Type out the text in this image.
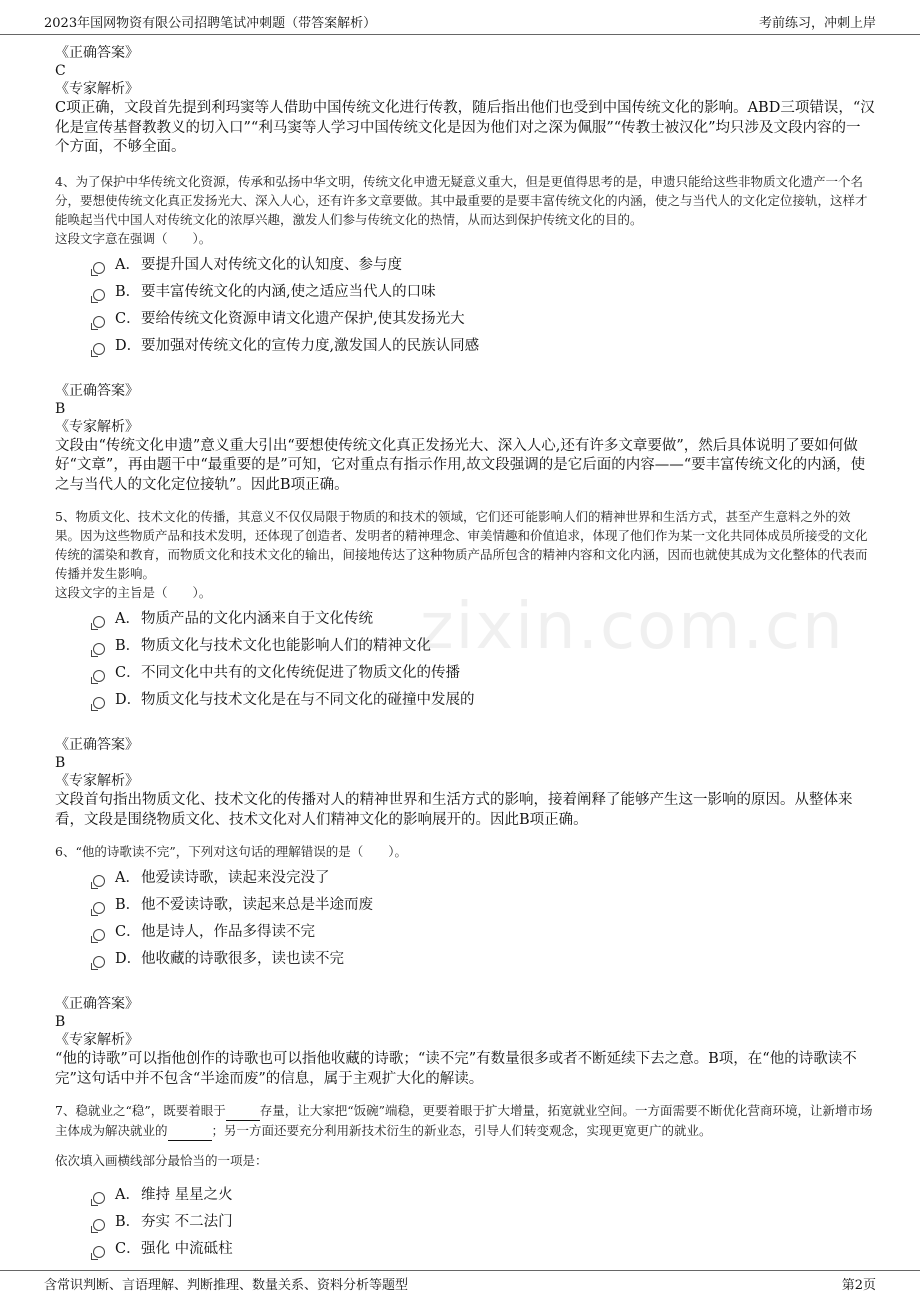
2023年国网物资有限公司招聘笔试冲刺题（带答案解析）	考前练习，冲刺上岸
zixin.com.cn
《正确答案》
C
《专家解析》
C项正确，文段首先提到利玛窦等人借助中国传统文化进行传教，随后指出他们也受到中国传统文化的影响。ABD三项错误，“汉化是宣传基督教教义的切入口”“利马窦等人学习中国传统文化是因为他们对之深为佩服”“传教士被汉化”均只涉及文段内容的一个方面，不够全面。
4、为了保护中华传统文化资源，传承和弘扬中华文明，传统文化申遗无疑意义重大，但是更值得思考的是，申遗只能给这些非物质文化遗产一个名分，要想使传统文化真正发扬光大、深入人心，还有许多文章要做。其中最重要的是要丰富传统文化的内涵，使之与当代人的文化定位接轨，这样才能唤起当代中国人对传统文化的浓厚兴趣，激发人们参与传统文化的热情，从而达到保护传统文化的目的。
这段文字意在强调（　　）。
A．要提升国人对传统文化的认知度、参与度
B．要丰富传统文化的内涵,使之适应当代人的口味
C．要给传统文化资源申请文化遗产保护,使其发扬光大
D．要加强对传统文化的宣传力度,激发国人的民族认同感
《正确答案》
B
《专家解析》
文段由“传统文化申遗”意义重大引出“要想使传统文化真正发扬光大、深入人心,还有许多文章要做”，然后具体说明了要如何做好“文章”，再由题干中“最重要的是”可知，它对重点有指示作用,故文段强调的是它后面的内容——“要丰富传统文化的内涵，使之与当代人的文化定位接轨”。因此B项正确。
5、物质文化、技术文化的传播，其意义不仅仅局限于物质的和技术的领域，它们还可能影响人们的精神世界和生活方式，甚至产生意料之外的效果。因为这些物质产品和技术发明，还体现了创造者、发明者的精神理念、审美情趣和价值追求，体现了他们作为某一文化共同体成员所接受的文化传统的濡染和教育，而物质文化和技术文化的输出，间接地传达了这种物质产品所包含的精神内容和文化内涵，因而也就使其成为文化整体的代表而传播并发生影响。
这段文字的主旨是（　　）。
A．物质产品的文化内涵来自于文化传统
B．物质文化与技术文化也能影响人们的精神文化
C．不同文化中共有的文化传统促进了物质文化的传播
D．物质文化与技术文化是在与不同文化的碰撞中发展的
《正确答案》
B
《专家解析》
文段首句指出物质文化、技术文化的传播对人的精神世界和生活方式的影响，接着阐释了能够产生这一影响的原因。从整体来看，文段是围绕物质文化、技术文化对人们精神文化的影响展开的。因此B项正确。
6、“他的诗歌读不完”，下列对这句话的理解错误的是（　　）。
A．他爱读诗歌，读起来没完没了
B．他不爱读诗歌，读起来总是半途而废
C．他是诗人，作品多得读不完
D．他收藏的诗歌很多，读也读不完
《正确答案》
B
《专家解析》
“他的诗歌”可以指他创作的诗歌也可以指他收藏的诗歌；“读不完”有数量很多或者不断延续下去之意。B项，在“他的诗歌读不完”这句话中并不包含“半途而废”的信息，属于主观扩大化的解读。
7、稳就业之“稳”，既要着眼于	存量，让大家把“饭碗”端稳，更要着眼于扩大增量，拓宽就业空间。一方面需要不断优化营商环境，让新增市场主体成为解决就业的	；另一方面还要充分利用新技术衍生的新业态，引导人们转变观念，实现更宽更广的就业。
依次填入画横线部分最恰当的一项是：
A．维持 星星之火
B．夯实 不二法门
C．强化 中流砥柱
含常识判断、言语理解、判断推理、数量关系、资料分析等题型	第2页
